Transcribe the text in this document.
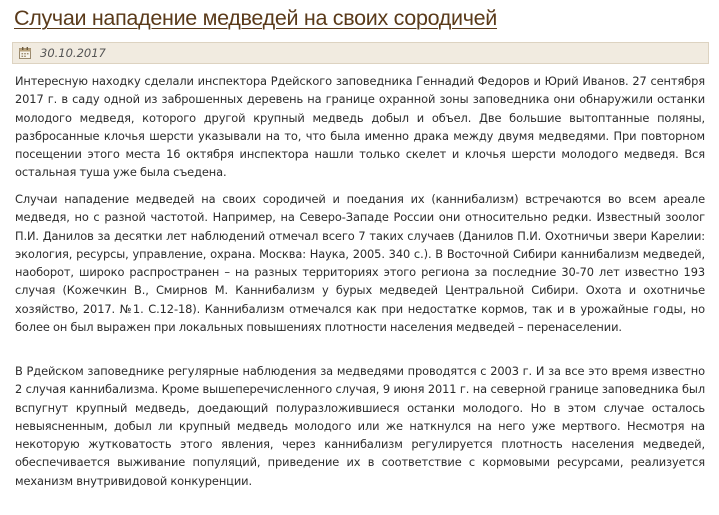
Случаи нападение медведей на своих сородичей
30.10.2017

Интересную находку сделали инспектора Рдейского заповедника Геннадий Федоров и Юрий Иванов. 27 сентября 2017 г. в саду одной из заброшенных деревень на границе охранной зоны заповедника они обнаружили останки молодого медведя, которого другой крупный медведь добыл и объел. Две большие вытоптанные поляны, разбросанные клочья шерсти указывали на то, что была именно драка между двумя медведями. При повторном посещении этого места 16 октября инспектора нашли только скелет и клочья шерсти молодого медведя. Вся остальная туша уже была съедена.

Случаи нападение медведей на своих сородичей и поедания их (каннибализм) встречаются во всем ареале медведя, но с разной частотой. Например, на Северо-Западе России они относительно редки. Известный зоолог П.И. Данилов за десятки лет наблюдений отмечал всего 7 таких случаев (Данилов П.И. Охотничьи звери Карелии: экология, ресурсы, управление, охрана. Москва: Наука, 2005. 340 с.). В Восточной Сибири каннибализм медведей, наоборот, широко распространен – на разных территориях этого региона за последние 30-70 лет известно 193 случая (Кожечкин В., Смирнов М. Каннибализм у бурых медведей Центральной Сибири. Охота и охотничье хозяйство, 2017. №1. С.12-18). Каннибализм отмечался как при недостатке кормов, так и в урожайные годы, но более он был выражен при локальных повышениях плотности населения медведей – перенаселении.

В Рдейском заповеднике регулярные наблюдения за медведями проводятся с 2003 г. И за все это время известно 2 случая каннибализма. Кроме вышеперечисленного случая, 9 июня 2011 г. на северной границе заповедника был вспугнут крупный медведь, доедающий полуразложившиеся останки молодого. Но в этом случае осталось невыясненным, добыл ли крупный медведь молодого или же наткнулся на него уже мертвого. Несмотря на некоторую жутковатость этого явления, через каннибализм регулируется плотность населения медведей, обеспечивается выживание популяций, приведение их в соответствие с кормовыми ресурсами, реализуется механизм внутривидовой конкуренции.
